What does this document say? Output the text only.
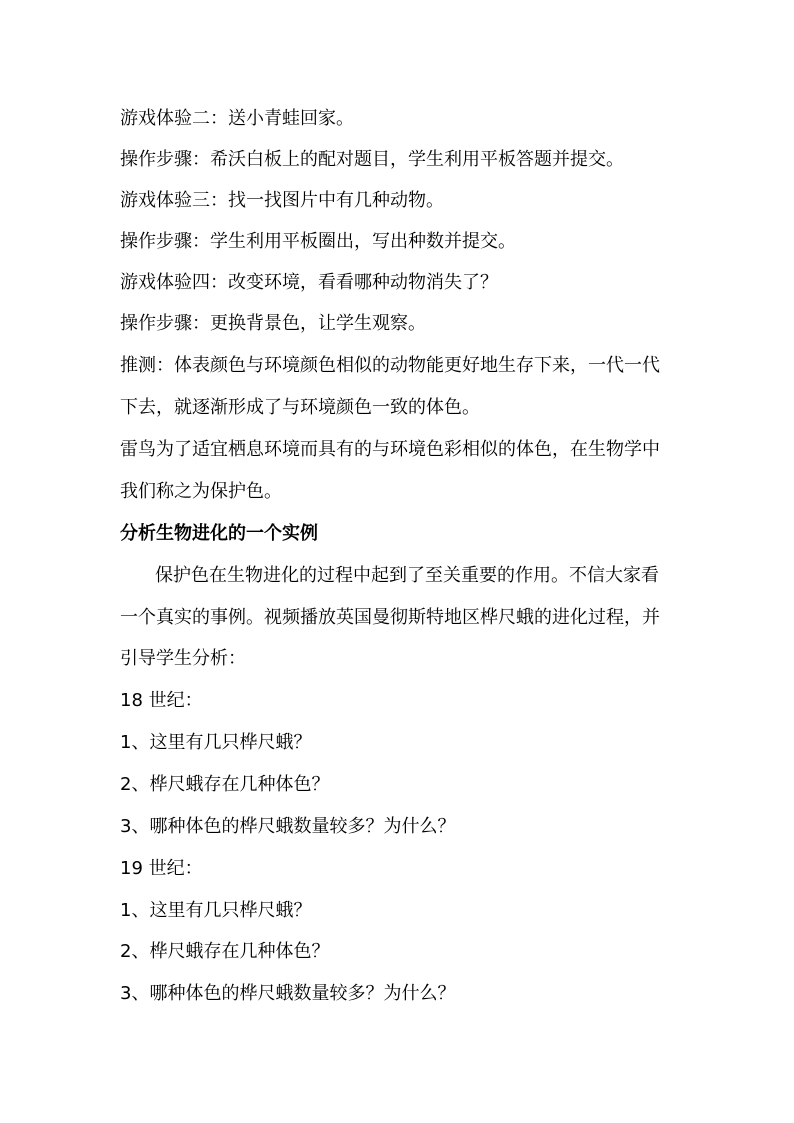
游戏体验二：送小青蛙回家。
操作步骤：希沃白板上的配对题目，学生利用平板答题并提交。
游戏体验三：找一找图片中有几种动物。
操作步骤：学生利用平板圈出，写出种数并提交。
游戏体验四：改变环境，看看哪种动物消失了？
操作步骤：更换背景色，让学生观察。
推测：体表颜色与环境颜色相似的动物能更好地生存下来，一代一代
下去，就逐渐形成了与环境颜色一致的体色。
雷鸟为了适宜栖息环境而具有的与环境色彩相似的体色，在生物学中
我们称之为保护色。
分析生物进化的一个实例
保护色在生物进化的过程中起到了至关重要的作用。不信大家看
一个真实的事例。视频播放英国曼彻斯特地区桦尺蛾的进化过程，并
引导学生分析：
18 世纪：
1、这里有几只桦尺蛾？
2、桦尺蛾存在几种体色？
3、哪种体色的桦尺蛾数量较多？为什么？
19 世纪：
1、这里有几只桦尺蛾？
2、桦尺蛾存在几种体色？
3、哪种体色的桦尺蛾数量较多？为什么？
